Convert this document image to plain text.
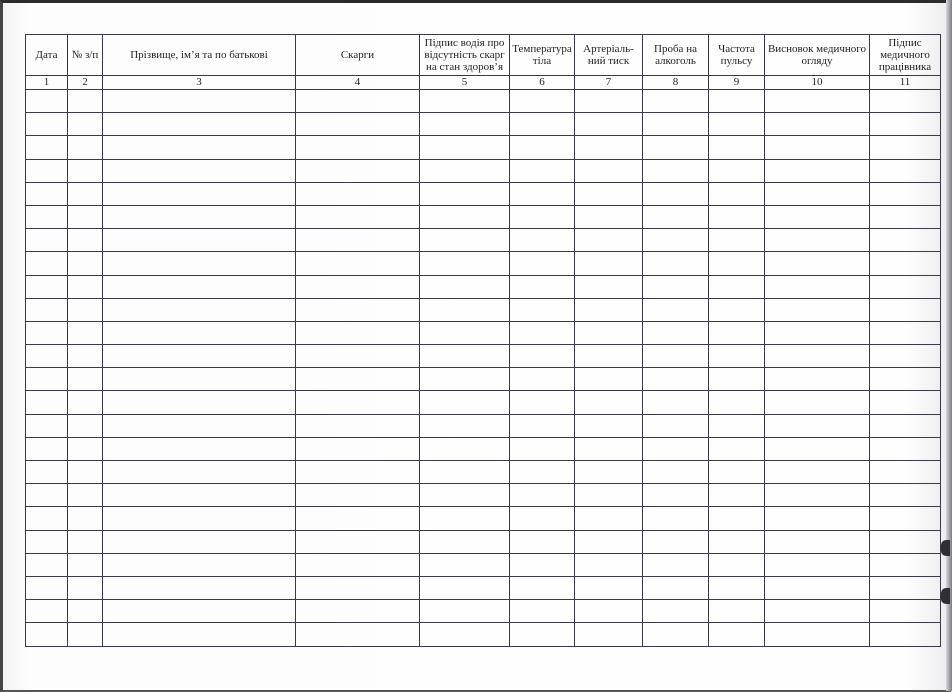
Дата	№ з/п	Прізвище, ім’я та по батькові	Скарги	Підпис водія про відсутність скарг на стан здоров’я	Температура тіла	Артеріаль-ний тиск	Проба на алкоголь	Частота пульсу	Висновок медичного огляду	Підпис медичного працівника
1	2	3	4	5	6	7	8	9	10	11
